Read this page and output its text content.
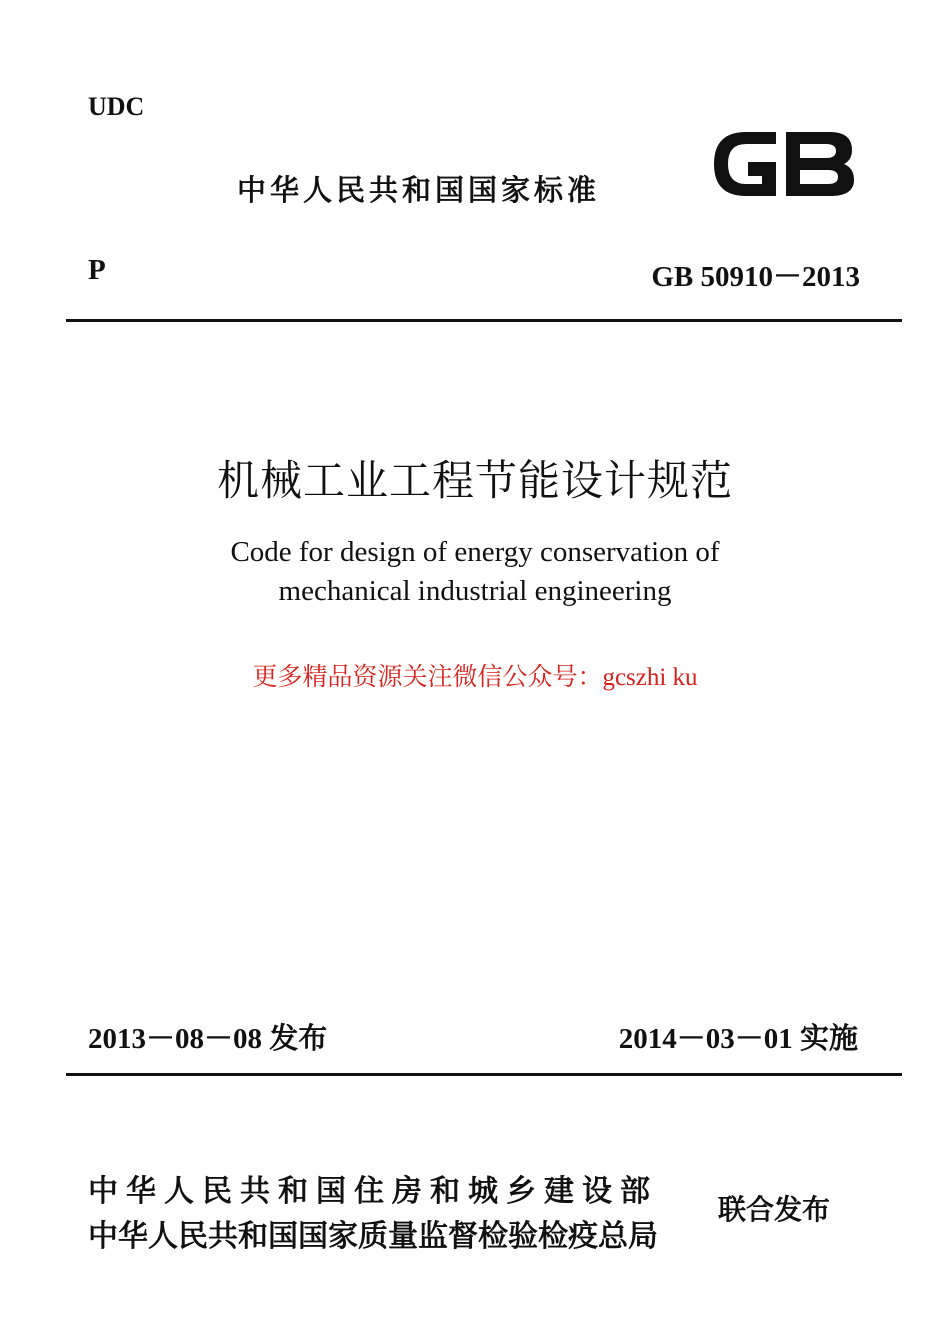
UDC
中华人民共和国国家标准
P	GB 50910－2013
机械工业工程节能设计规范
Code for design of energy conservation of
mechanical industrial engineering
更多精品资源关注微信公众号：gcszhi ku
2013－08－08 发布	2014－03－01 实施
中华人民共和国住房和城乡建设部
中华人民共和国国家质量监督检验检疫总局
联合发布
